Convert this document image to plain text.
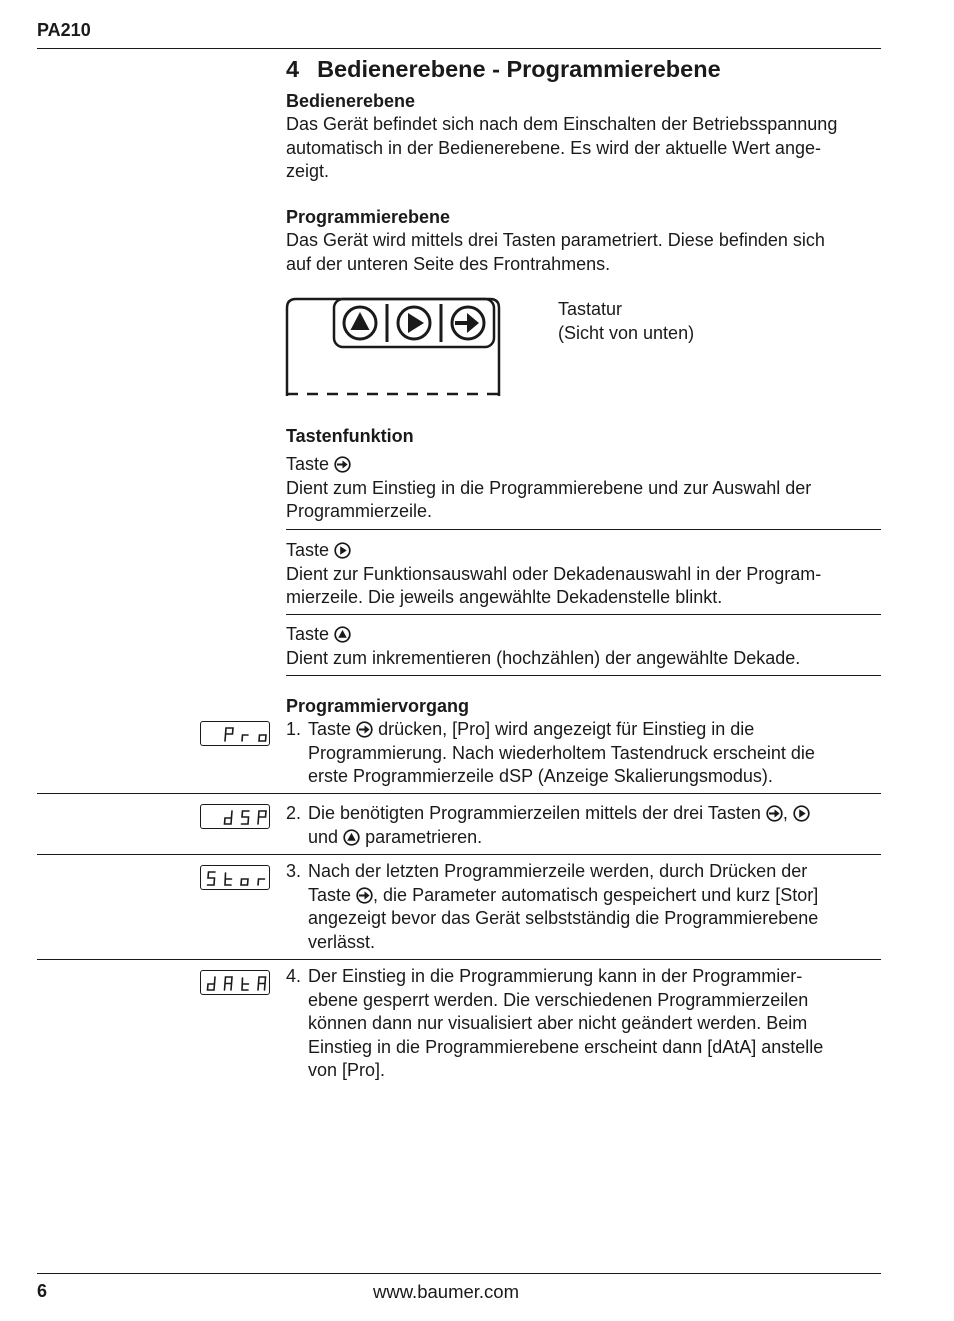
PA210
4 Bedienerebene - Programmierebene
Bedienerebene
Das Gerät befindet sich nach dem Einschalten der Betriebsspannung
automatisch in der Bedienerebene. Es wird der aktuelle Wert ange-
zeigt.
Programmierebene
Das Gerät wird mittels drei Tasten parametriert. Diese befinden sich
auf der unteren Seite des Frontrahmens.
Tastatur
(Sicht von unten)
Tastenfunktion
Taste
Dient zum Einstieg in die Programmierebene und zur Auswahl der
Programmierzeile.
Taste
Dient zur Funktionsauswahl oder Dekadenauswahl in der Program-
mierzeile. Die jeweils angewählte Dekadenstelle blinkt.
Taste
Dient zum inkrementieren (hochzählen) der angewählte Dekade.
Programmiervorgang
1. Taste drücken, [Pro] wird angezeigt für Einstieg in die
Programmierung. Nach wiederholtem Tastendruck erscheint die
erste Programmierzeile dSP (Anzeige Skalierungsmodus).
2. Die benötigten Programmierzeilen mittels der drei Tasten ,
und parametrieren.
3. Nach der letzten Programmierzeile werden, durch Drücken der
Taste , die Parameter automatisch gespeichert und kurz [Stor]
angezeigt bevor das Gerät selbstständig die Programmierebene
verlässt.
4. Der Einstieg in die Programmierung kann in der Programmier-
ebene gesperrt werden. Die verschiedenen Programmierzeilen
können dann nur visualisiert aber nicht geändert werden. Beim
Einstieg in die Programmierebene erscheint dann [dAtA] anstelle
von [Pro].
6	www.baumer.com
